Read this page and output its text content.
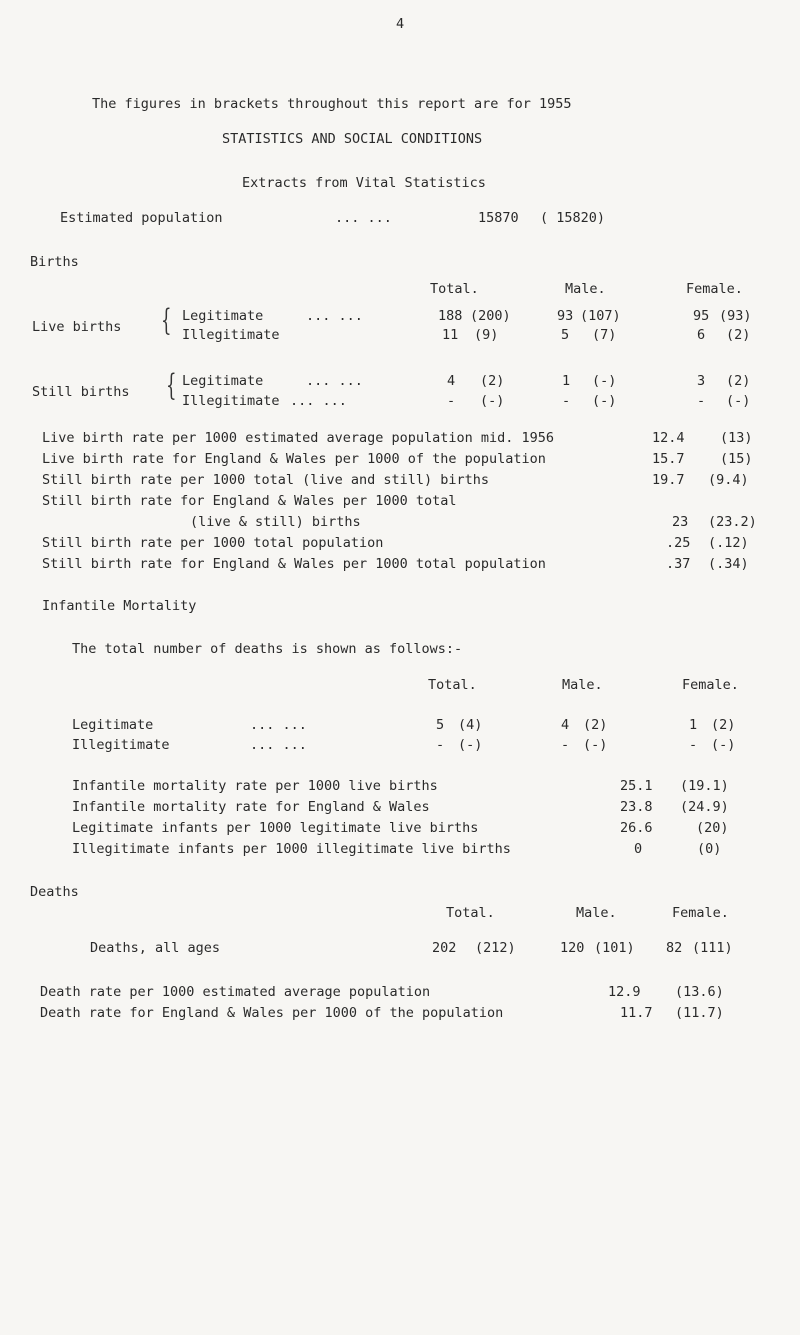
4
The figures in brackets throughout this report are for 1955
STATISTICS AND SOCIAL CONDITIONS
Extracts from Vital Statistics
Estimated population	... ...	15870 ( 15820)
Births
Total.	Male.	Female.
Live births { Legitimate	... ...	188 (200)	93 (107)	95 (93)
Illegitimate	11 (9)	5 (7)	6 (2)
Still births { Legitimate	... ...	4 (2)	1 (-)	3 (2)
Illegitimate ... ...	- (-)	- (-)	- (-)
Live birth rate per 1000 estimated average population mid. 1956	12.4	(13)
Live birth rate for England & Wales per 1000 of the population	15.7	(15)
Still birth rate per 1000 total (live and still) births	19.7 (9.4)
Still birth rate for England & Wales per 1000 total
(live & still) births	23 (23.2)
Still birth rate per 1000 total population	.25 (.12)
Still birth rate for England & Wales per 1000 total population	.37 (.34)
Infantile Mortality
The total number of deaths is shown as follows:-
Total.	Male.	Female.
Legitimate	... ...	5 (4)	4 (2)	1 (2)
Illegitimate	... ...	- (-)	- (-)	- (-)
Infantile mortality rate per 1000 live births	25.1 (19.1)
Infantile mortality rate for England & Wales	23.8 (24.9)
Legitimate infants per 1000 legitimate live births	26.6	(20)
Illegitimate infants per 1000 illegitimate live births	0	(0)
Deaths
Total.	Male.	Female.
Deaths, all ages	202 (212)	120 (101) 82 (111)
Death rate per 1000 estimated average population	12.9	(13.6)
Death rate for England & Wales per 1000 of the population	11.7 (11.7)
